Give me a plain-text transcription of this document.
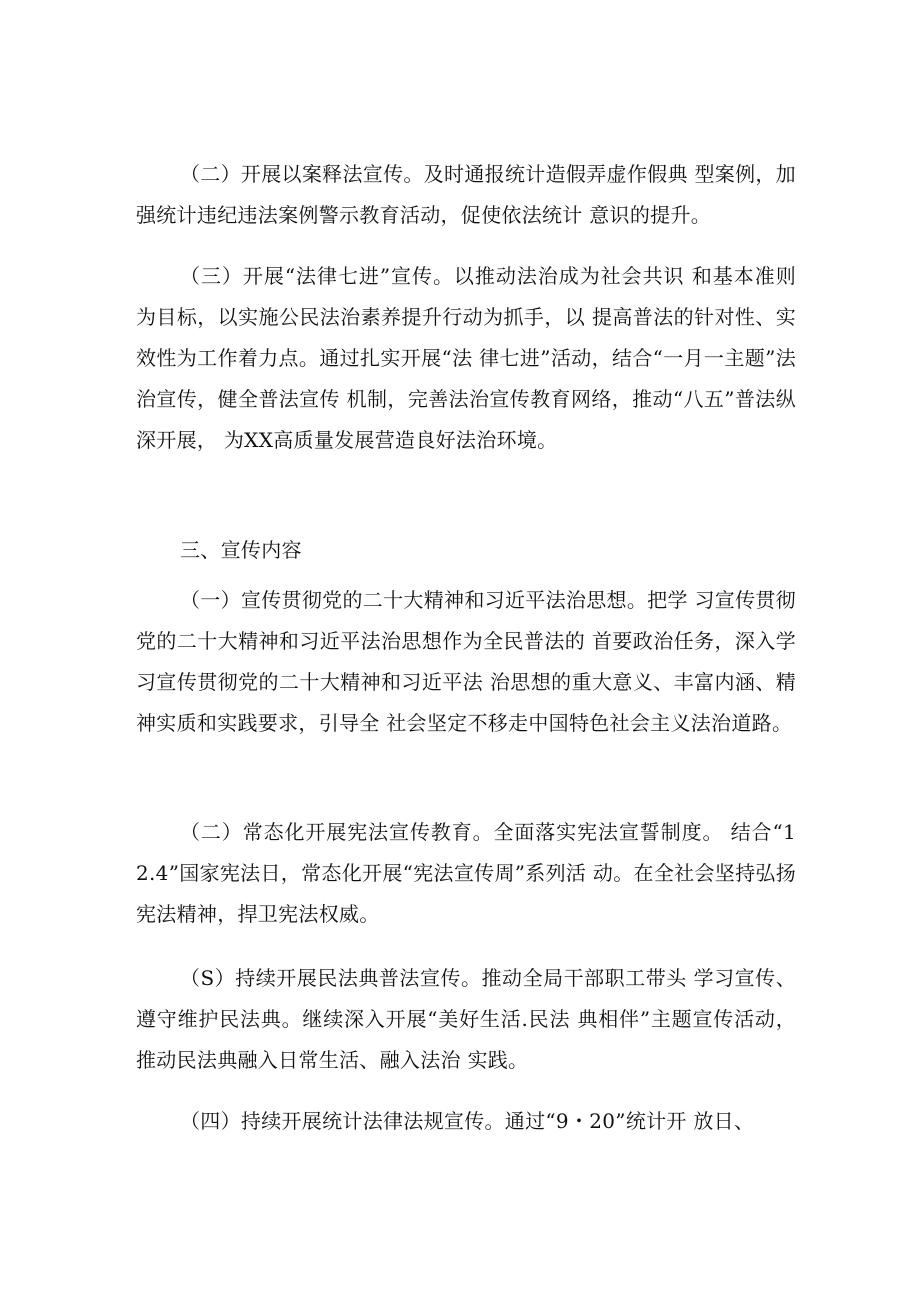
（二）开展以案释法宣传。及时通报统计造假弄虚作假典 型案例，加强统计违纪违法案例警示教育活动，促使依法统计 意识的提升。

（三）开展“法律七进”宣传。以推动法治成为社会共识 和基本准则为目标，以实施公民法治素养提升行动为抓手，以 提高普法的针对性、实效性为工作着力点。通过扎实开展“法 律七进”活动，结合“一月一主题”法治宣传，健全普法宣传 机制，完善法治宣传教育网络，推动“八五”普法纵深开展， 为XX高质量发展营造良好法治环境。

三、宣传内容

（一）宣传贯彻党的二十大精神和习近平法治思想。把学 习宣传贯彻党的二十大精神和习近平法治思想作为全民普法的 首要政治任务，深入学习宣传贯彻党的二十大精神和习近平法 治思想的重大意义、丰富内涵、精神实质和实践要求，引导全 社会坚定不移走中国特色社会主义法治道路。

（二）常态化开展宪法宣传教育。全面落实宪法宣誓制度。 结合“12.4”国家宪法日，常态化开展“宪法宣传周”系列活 动。在全社会坚持弘扬宪法精神，捍卫宪法权威。

（S）持续开展民法典普法宣传。推动全局干部职工带头 学习宣传、遵守维护民法典。继续深入开展“美好生活.民法 典相伴”主题宣传活动，推动民法典融入日常生活、融入法治 实践。

（四）持续开展统计法律法规宣传。通过“9・20”统计开 放日、
